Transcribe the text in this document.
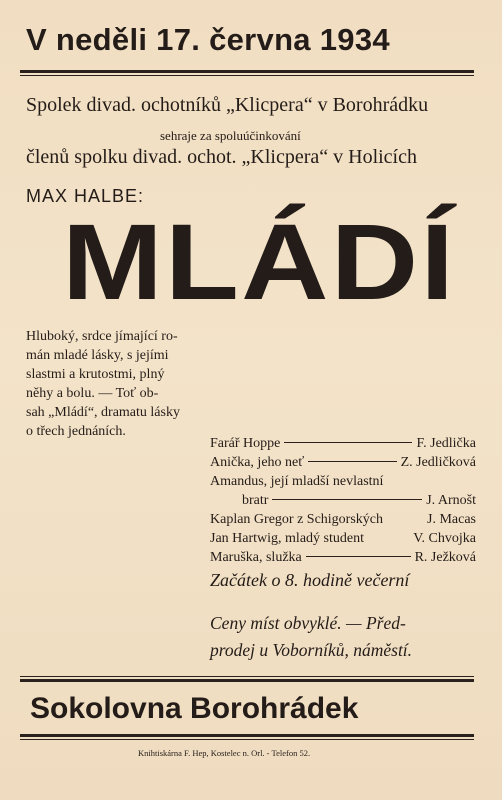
V neděli 17. června 1934
Spolek divad. ochotníků „Klicpera“ v Borohrádku
sehraje za spoluúčinkování
členů spolku divad. ochot. „Klicpera“ v Holicích
MAX HALBE:
MLÁDÍ
Hluboký, srdce jímající ro-
mán mladé lásky, s jejími
slastmi a krutostmi, plný
něhy a bolu. — Toť ob-
sah „Mládí“, dramatu lásky
o třech jednáních.
Farář Hoppe	F. Jedlička
Anička, jeho neť	Z. Jedličková
Amandus, její mladší nevlastní
bratr	J. Arnošt
Kaplan Gregor z Schigorských	J. Macas
Jan Hartwig, mladý student	V. Chvojka
Maruška, služka	R. Ježková
Začátek o 8. hodině večerní
Ceny míst obvyklé. — Před-
prodej u Voborníků, náměstí.
Sokolovna Borohrádek
Knihtiskárna F. Hep, Kostelec n. Orl. - Telefon 52.
